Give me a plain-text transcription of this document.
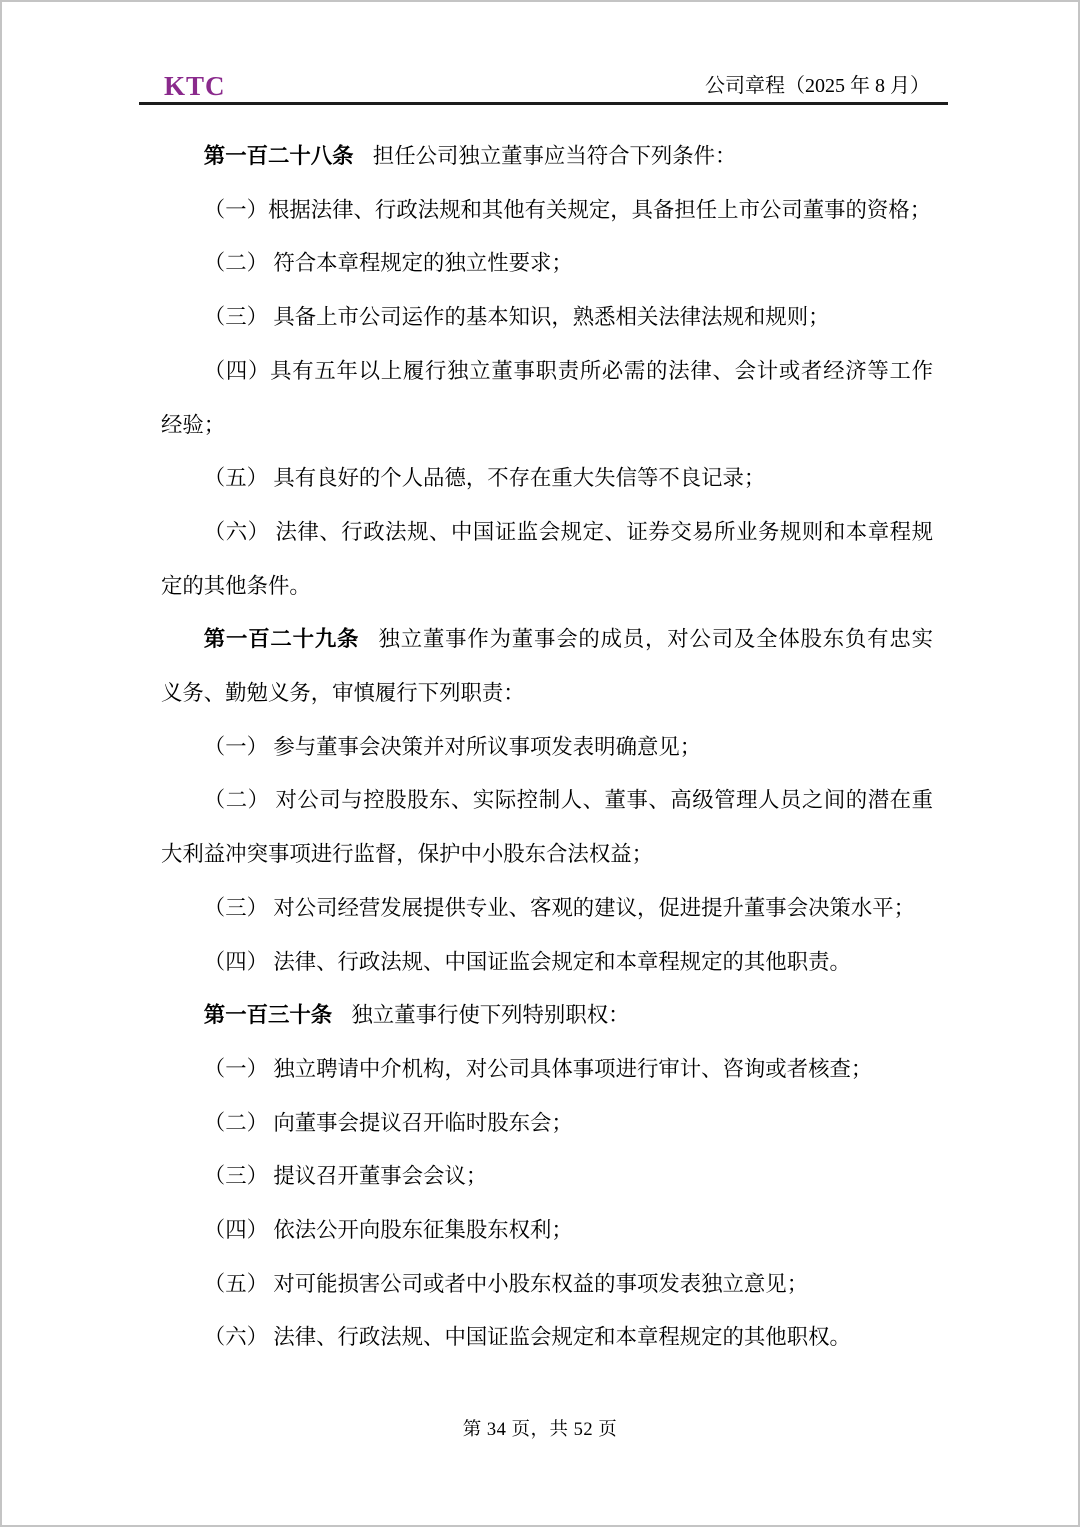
KTC	公司章程（2025 年 8 月）
第一百二十八条 担任公司独立董事应当符合下列条件：
（一）根据法律、行政法规和其他有关规定，具备担任上市公司董事的资格；
（二） 符合本章程规定的独立性要求；
（三） 具备上市公司运作的基本知识，熟悉相关法律法规和规则；
（四）具有五年以上履行独立董事职责所必需的法律、会计或者经济等工作
经验；
（五） 具有良好的个人品德，不存在重大失信等不良记录；
（六） 法律、行政法规、中国证监会规定、证券交易所业务规则和本章程规
定的其他条件。
第一百二十九条 独立董事作为董事会的成员，对公司及全体股东负有忠实
义务、勤勉义务，审慎履行下列职责：
（一） 参与董事会决策并对所议事项发表明确意见；
（二） 对公司与控股股东、实际控制人、董事、高级管理人员之间的潜在重
大利益冲突事项进行监督，保护中小股东合法权益；
（三） 对公司经营发展提供专业、客观的建议，促进提升董事会决策水平；
（四） 法律、行政法规、中国证监会规定和本章程规定的其他职责。
第一百三十条 独立董事行使下列特别职权：
（一） 独立聘请中介机构，对公司具体事项进行审计、咨询或者核查；
（二） 向董事会提议召开临时股东会；
（三） 提议召开董事会会议；
（四） 依法公开向股东征集股东权利；
（五） 对可能损害公司或者中小股东权益的事项发表独立意见；
（六） 法律、行政法规、中国证监会规定和本章程规定的其他职权。
第 34 页，共 52 页
